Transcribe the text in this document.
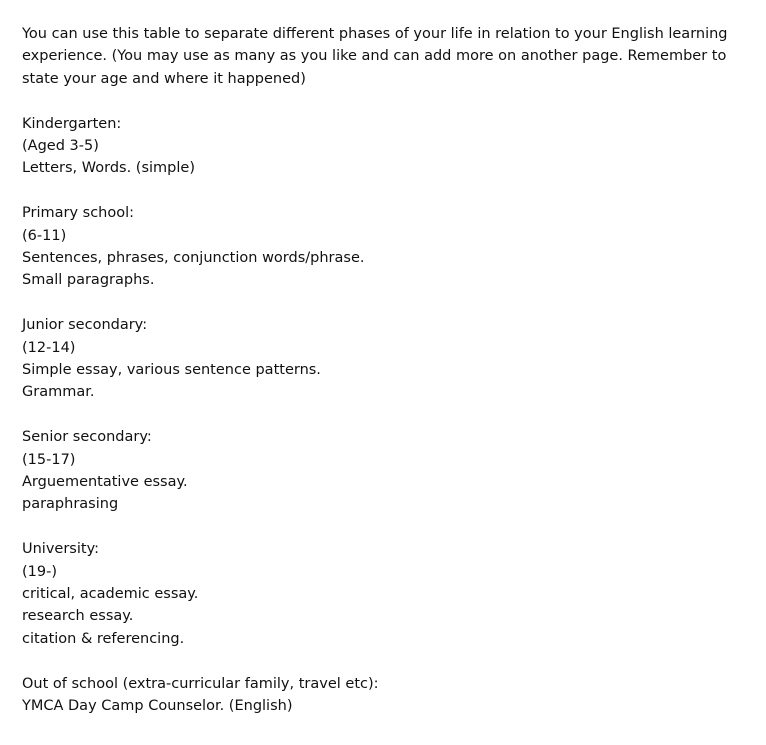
You can use this table to separate different phases of your life in relation to your English learning experience. (You may use as many as you like and can add more on another page. Remember to state your age and where it happened)

Kindergarten:
(Aged 3-5)
Letters, Words. (simple)
Primary school:
(6-11)
Sentences, phrases, conjunction words/phrase.
Small paragraphs.
Junior secondary:
(12-14)
Simple essay, various sentence patterns.
Grammar.
Senior secondary:
(15-17)
Arguementative essay.
paraphrasing
University:
(19-)
critical, academic essay.
research essay.
citation & referencing.
Out of school (extra-curricular family, travel etc):
YMCA Day Camp Counselor. (English)
